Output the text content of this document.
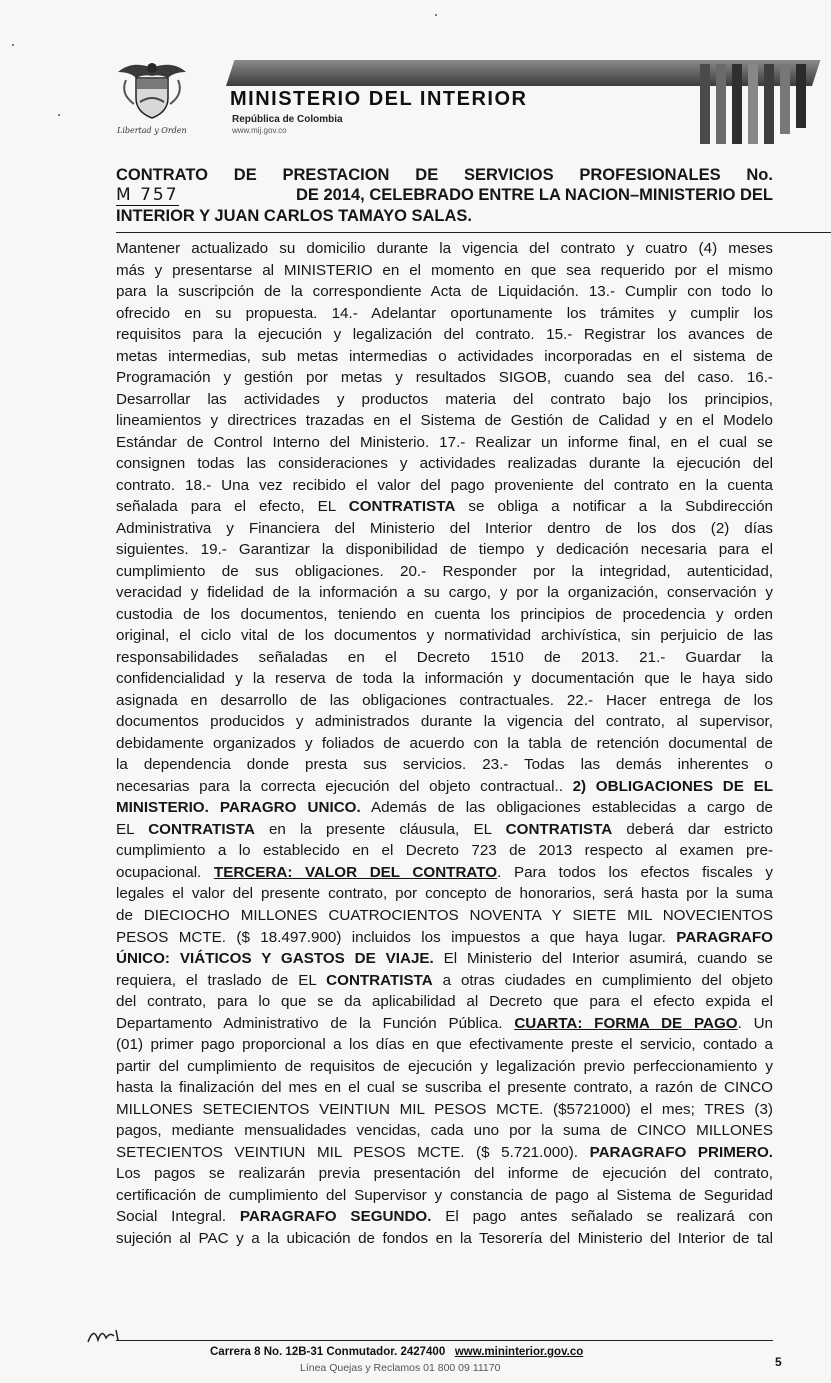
Libertad y Orden
MINISTERIO DEL INTERIOR
República de Colombia
www.mij.gov.co
CONTRATO DE PRESTACION DE SERVICIOS PROFESIONALES No.
M 757	DE 2014, CELEBRADO ENTRE LA NACION–MINISTERIO DEL
INTERIOR Y JUAN CARLOS TAMAYO SALAS.

Mantener actualizado su domicilio durante la vigencia del contrato y cuatro (4) meses

más y presentarse al MINISTERIO en el momento en que sea requerido por el mismo

para la suscripción de la correspondiente Acta de Liquidación. 13.- Cumplir con todo lo

ofrecido en su propuesta. 14.- Adelantar oportunamente los trámites y cumplir los

requisitos para la ejecución y legalización del contrato. 15.- Registrar los avances de

metas intermedias, sub metas intermedias o actividades incorporadas en el sistema de

Programación y gestión por metas y resultados SIGOB, cuando sea del caso. 16.-

Desarrollar las actividades y productos materia del contrato bajo los principios,

lineamientos y directrices trazadas en el Sistema de Gestión de Calidad y en el Modelo

Estándar de Control Interno del Ministerio. 17.- Realizar un informe final, en el cual se

consignen todas las consideraciones y actividades realizadas durante la ejecución del

contrato. 18.- Una vez recibido el valor del pago proveniente del contrato en la cuenta

señalada para el efecto, EL CONTRATISTA se obliga a notificar a la Subdirección

Administrativa y Financiera del Ministerio del Interior dentro de los dos (2) días

siguientes. 19.- Garantizar la disponibilidad de tiempo y dedicación necesaria para el

cumplimiento de sus obligaciones. 20.- Responder por la integridad, autenticidad,

veracidad y fidelidad de la información a su cargo, y por la organización, conservación y

custodia de los documentos, teniendo en cuenta los principios de procedencia y orden

original, el ciclo vital de los documentos y normatividad archivística, sin perjuicio de las

responsabilidades señaladas en el Decreto 1510 de 2013. 21.- Guardar la

confidencialidad y la reserva de toda la información y documentación que le haya sido

asignada en desarrollo de las obligaciones contractuales. 22.- Hacer entrega de los

documentos producidos y administrados durante la vigencia del contrato, al supervisor,

debidamente organizados y foliados de acuerdo con la tabla de retención documental de

la dependencia donde presta sus servicios. 23.- Todas las demás inherentes o

necesarias para la correcta ejecución del objeto contractual.. 2) OBLIGACIONES DE EL

MINISTERIO. PARAGRO UNICO. Además de las obligaciones establecidas a cargo de

EL CONTRATISTA en la presente cláusula, EL CONTRATISTA deberá dar estricto

cumplimiento a lo establecido en el Decreto 723 de 2013 respecto al examen pre-

ocupacional. TERCERA: VALOR DEL CONTRATO. Para todos los efectos fiscales y

legales el valor del presente contrato, por concepto de honorarios, será hasta por la suma

de DIECIOCHO MILLONES CUATROCIENTOS NOVENTA Y SIETE MIL NOVECIENTOS

PESOS MCTE. ($ 18.497.900) incluidos los impuestos a que haya lugar. PARAGRAFO

ÚNICO: VIÁTICOS Y GASTOS DE VIAJE. El Ministerio del Interior asumirá, cuando se

requiera, el traslado de EL CONTRATISTA a otras ciudades en cumplimiento del objeto

del contrato, para lo que se da aplicabilidad al Decreto que para el efecto expida el

Departamento Administrativo de la Función Pública. CUARTA: FORMA DE PAGO. Un

(01) primer pago proporcional a los días en que efectivamente preste el servicio, contado a

partir del cumplimiento de requisitos de ejecución y legalización previo perfeccionamiento y

hasta la finalización del mes en el cual se suscriba el presente contrato, a razón de CINCO

MILLONES SETECIENTOS VEINTIUN MIL PESOS MCTE. ($5721000) el mes; TRES (3)

pagos, mediante mensualidades vencidas, cada uno por la suma de CINCO MILLONES

SETECIENTOS VEINTIUN MIL PESOS MCTE. ($ 5.721.000). PARAGRAFO PRIMERO.

Los pagos se realizarán previa presentación del informe de ejecución del contrato,

certificación de cumplimiento del Supervisor y constancia de pago al Sistema de Seguridad

Social Integral. PARAGRAFO SEGUNDO. El pago antes señalado se realizará con

sujeción al PAC y a la ubicación de fondos en la Tesorería del Ministerio del Interior de tal

Carrera 8 No. 12B-31 Conmutador. 2427400 www.mininterior.gov.co
Línea Quejas y Reclamos 01 800 09 11170	5
